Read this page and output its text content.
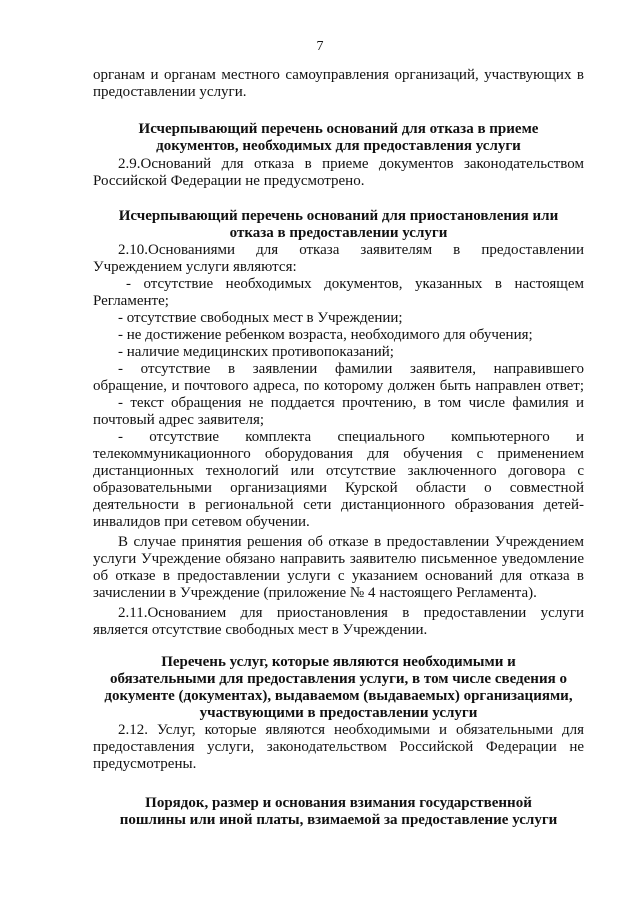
7
органам и органам местного самоуправления организаций, участвующих в
предоставлении услуги.
Исчерпывающий перечень оснований для отказа в приеме
документов, необходимых для предоставления услуги
2.9.Оснований для отказа в приеме документов законодательством
Российской Федерации не предусмотрено.
Исчерпывающий перечень оснований для приостановления или
отказа в предоставлении услуги
2.10.Основаниями для отказа заявителям в предоставлении
Учреждением услуги являются:
- отсутствие необходимых документов, указанных в настоящем
Регламенте;
- отсутствие свободных мест в Учреждении;
- не достижение ребенком возраста, необходимого для обучения;
- наличие медицинских противопоказаний;
- отсутствие в заявлении фамилии заявителя, направившего
обращение, и почтового адреса, по которому должен быть направлен ответ;
- текст обращения не поддается прочтению, в том числе фамилия и
почтовый адрес заявителя;
- отсутствие комплекта специального компьютерного и
телекоммуникационного оборудования для обучения с применением
дистанционных технологий или отсутствие заключенного договора с
образовательными организациями Курской области о совместной
деятельности в региональной сети дистанционного образования детей-
инвалидов при сетевом обучении.
В случае принятия решения об отказе в предоставлении Учреждением
услуги Учреждение обязано направить заявителю письменное уведомление
об отказе в предоставлении услуги с указанием оснований для отказа в
зачислении в Учреждение (приложение № 4 настоящего Регламента).
2.11.Основанием для приостановления в предоставлении услуги
является отсутствие свободных мест в Учреждении.
Перечень услуг, которые являются необходимыми и
обязательными для предоставления услуги, в том числе сведения о
документе (документах), выдаваемом (выдаваемых) организациями,
участвующими в предоставлении услуги
2.12. Услуг, которые являются необходимыми и обязательными для
предоставления услуги, законодательством Российской Федерации не
предусмотрены.
Порядок, размер и основания взимания государственной
пошлины или иной платы, взимаемой за предоставление услуги
